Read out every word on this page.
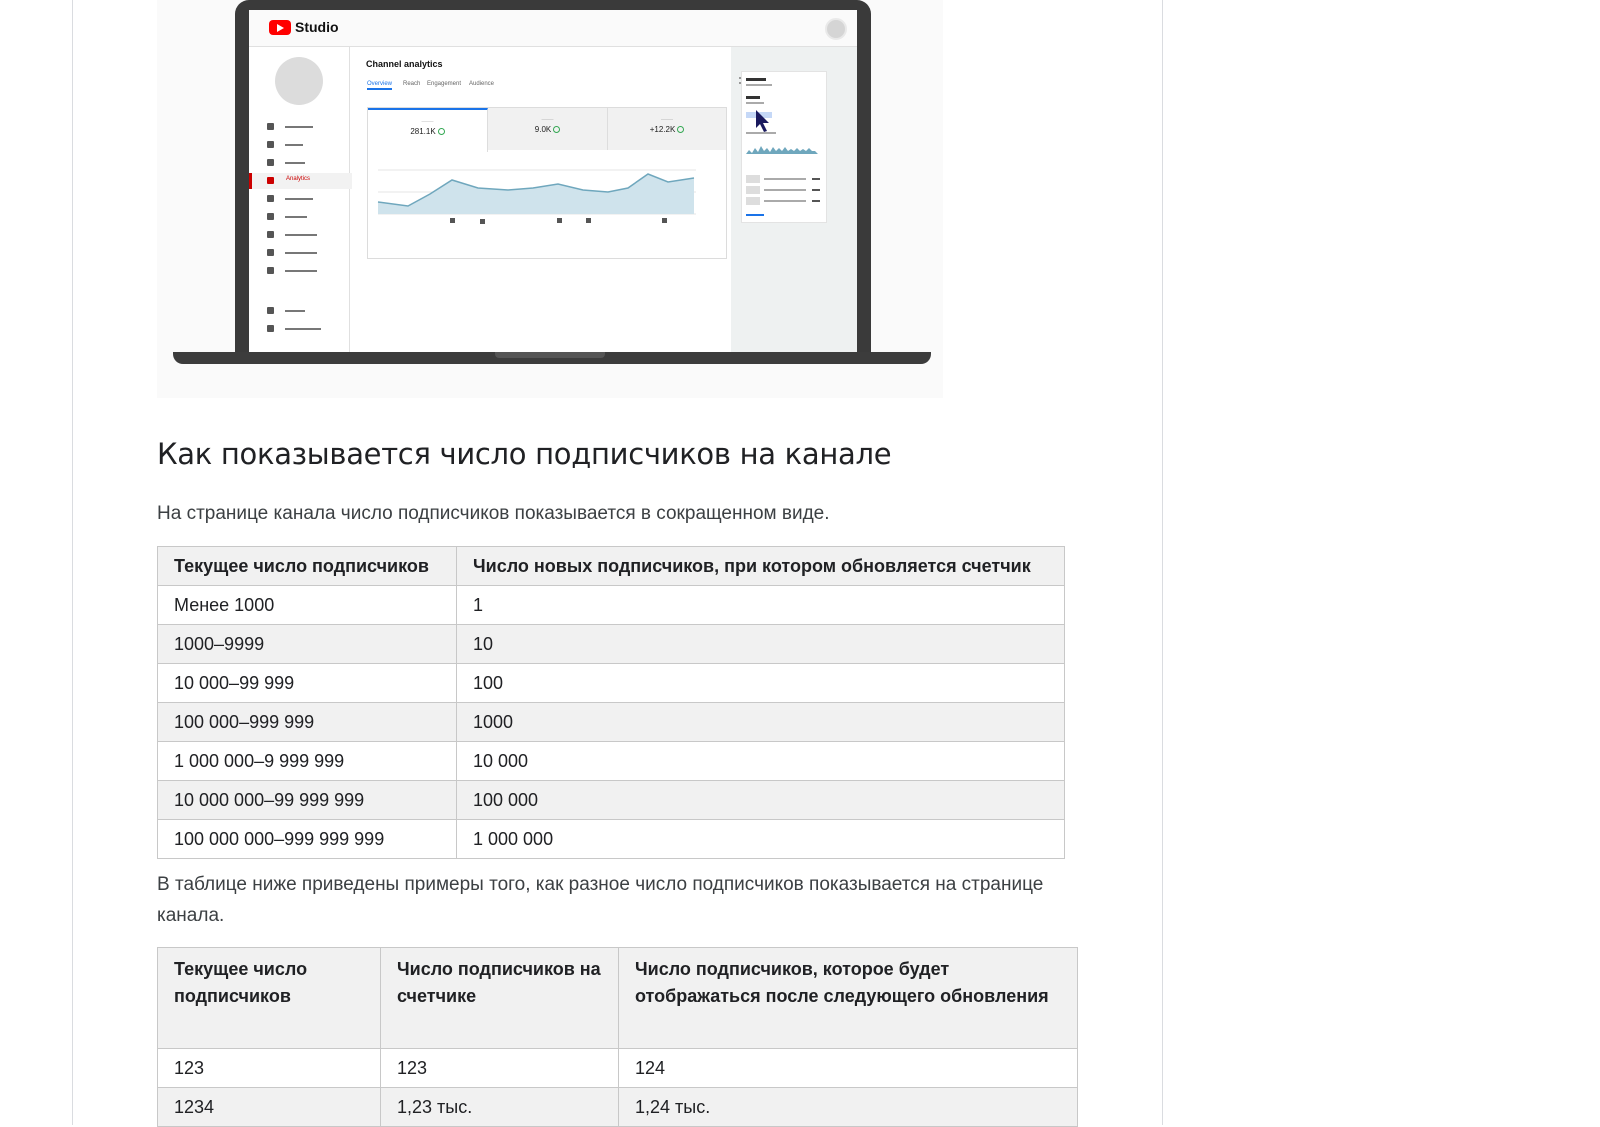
Studio
Analytics
Channel analytics
Overview Reach Engagement Audience
———
281.1K
———
9.0K
———
+12.2K
Как показывается число подписчиков на канале

На странице канала число подписчиков показывается в сокращенном виде.

Текущее число подписчиков	Число новых подписчиков, при котором обновляется счетчик
Менее 1000	1
1000–9999	10
10 000–99 999	100
100 000–999 999	1000
1 000 000–9 999 999	10 000
10 000 000–99 999 999	100 000
100 000 000–999 999 999	1 000 000

В таблице ниже приведены примеры того, как разное число подписчиков показывается на странице канала.

Текущее число подписчиков	Число подписчиков на счетчике	Число подписчиков, которое будет отображаться после следующего обновления
123	123	124
1234	1,23 тыс.	1,24 тыс.
